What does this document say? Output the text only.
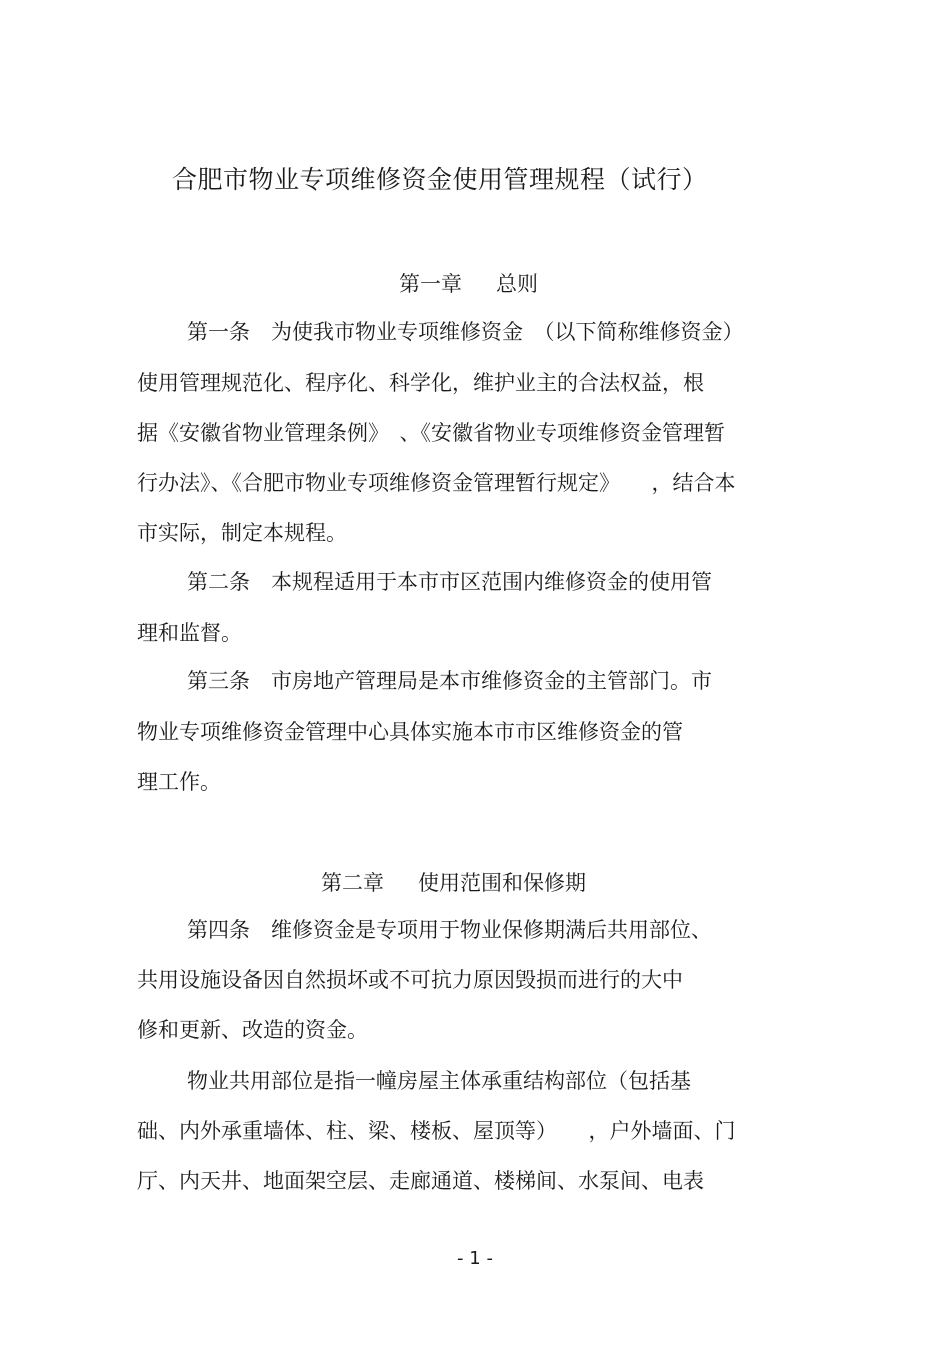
合肥市物业专项维修资金使用管理规程（试行）
第一章 总则
第一条　为使我市物业专项维修资金　（以下简称维修资金）
使用管理规范化、程序化、科学化，维护业主的合法权益，根
据《安徽省物业管理条例》　、《安徽省物业专项维修资金管理暂
行办法》、《合肥市物业专项维修资金管理暂行规定》　　，结合本
市实际，制定本规程。
第二条　本规程适用于本市市区范围内维修资金的使用管
理和监督。
第三条　市房地产管理局是本市维修资金的主管部门。市
物业专项维修资金管理中心具体实施本市市区维修资金的管
理工作。
第二章 使用范围和保修期
第四条　维修资金是专项用于物业保修期满后共用部位、
共用设施设备因自然损坏或不可抗力原因毁损而进行的大中
修和更新、改造的资金。
物业共用部位是指一幢房屋主体承重结构部位（包括基
础、内外承重墙体、柱、梁、楼板、屋顶等）　　，户外墙面、门
厅、内天井、地面架空层、走廊通道、楼梯间、水泵间、电表
- 1 -
